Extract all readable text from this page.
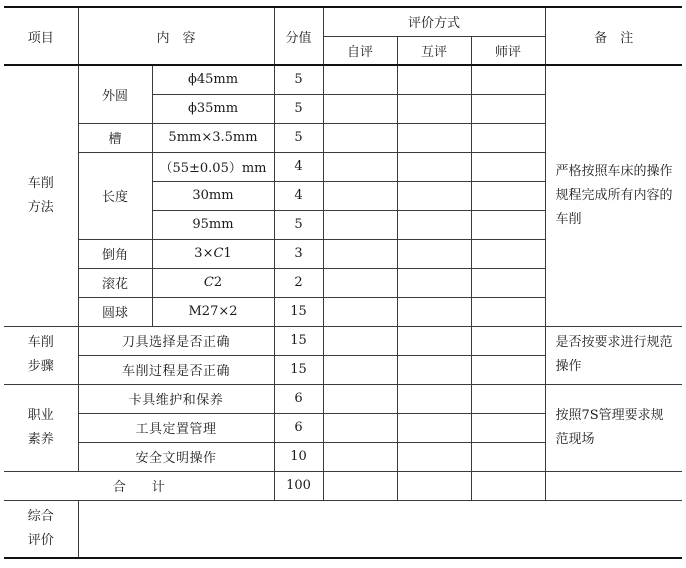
项目	内　容		分值	评价方式			备　注
				自评	互评	师评	
车削
方法	外圆	ϕ45mm	5				严格按照车床的操作规程完成所有内容的车削
		ϕ35mm	5				
	槽	5mm×3.5mm	5				
	长度	（55±0.05）mm	4				
		30mm	4				
		95mm	5				
	倒角	3×C1	3				
	滚花	C2	2				
	圆球	M27×2	15				
车削
步骤	刀具选择是否正确		15				是否按要求进行规范操作
	车削过程是否正确		15				
职业
素养	卡具维护和保养		6				按照7S管理要求规范现场
	工具定置管理		6				
	安全文明操作		10				
合　　计			100				
综合
评价							
